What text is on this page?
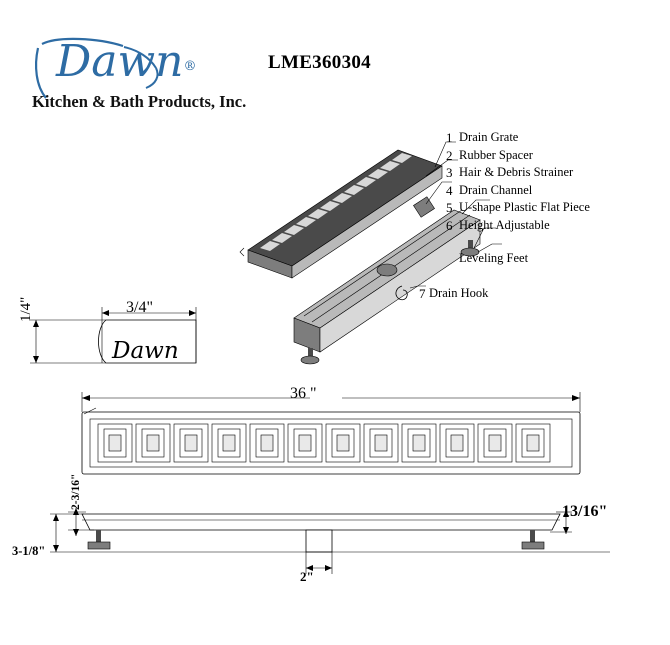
Dawn®
Kitchen & Bath Products, Inc.
LME360304
1 Drain Grate
2 Rubber Spacer
3 Hair & Debris Strainer
4 Drain Channel
5 U-shape Plastic Flat Piece
6 Height Adjustable
Leveling Feet
7 Drain Hook
3/4"
1/4"
Dawn
36 "
13/16"
2-3/16"
3-1/8"
2"
